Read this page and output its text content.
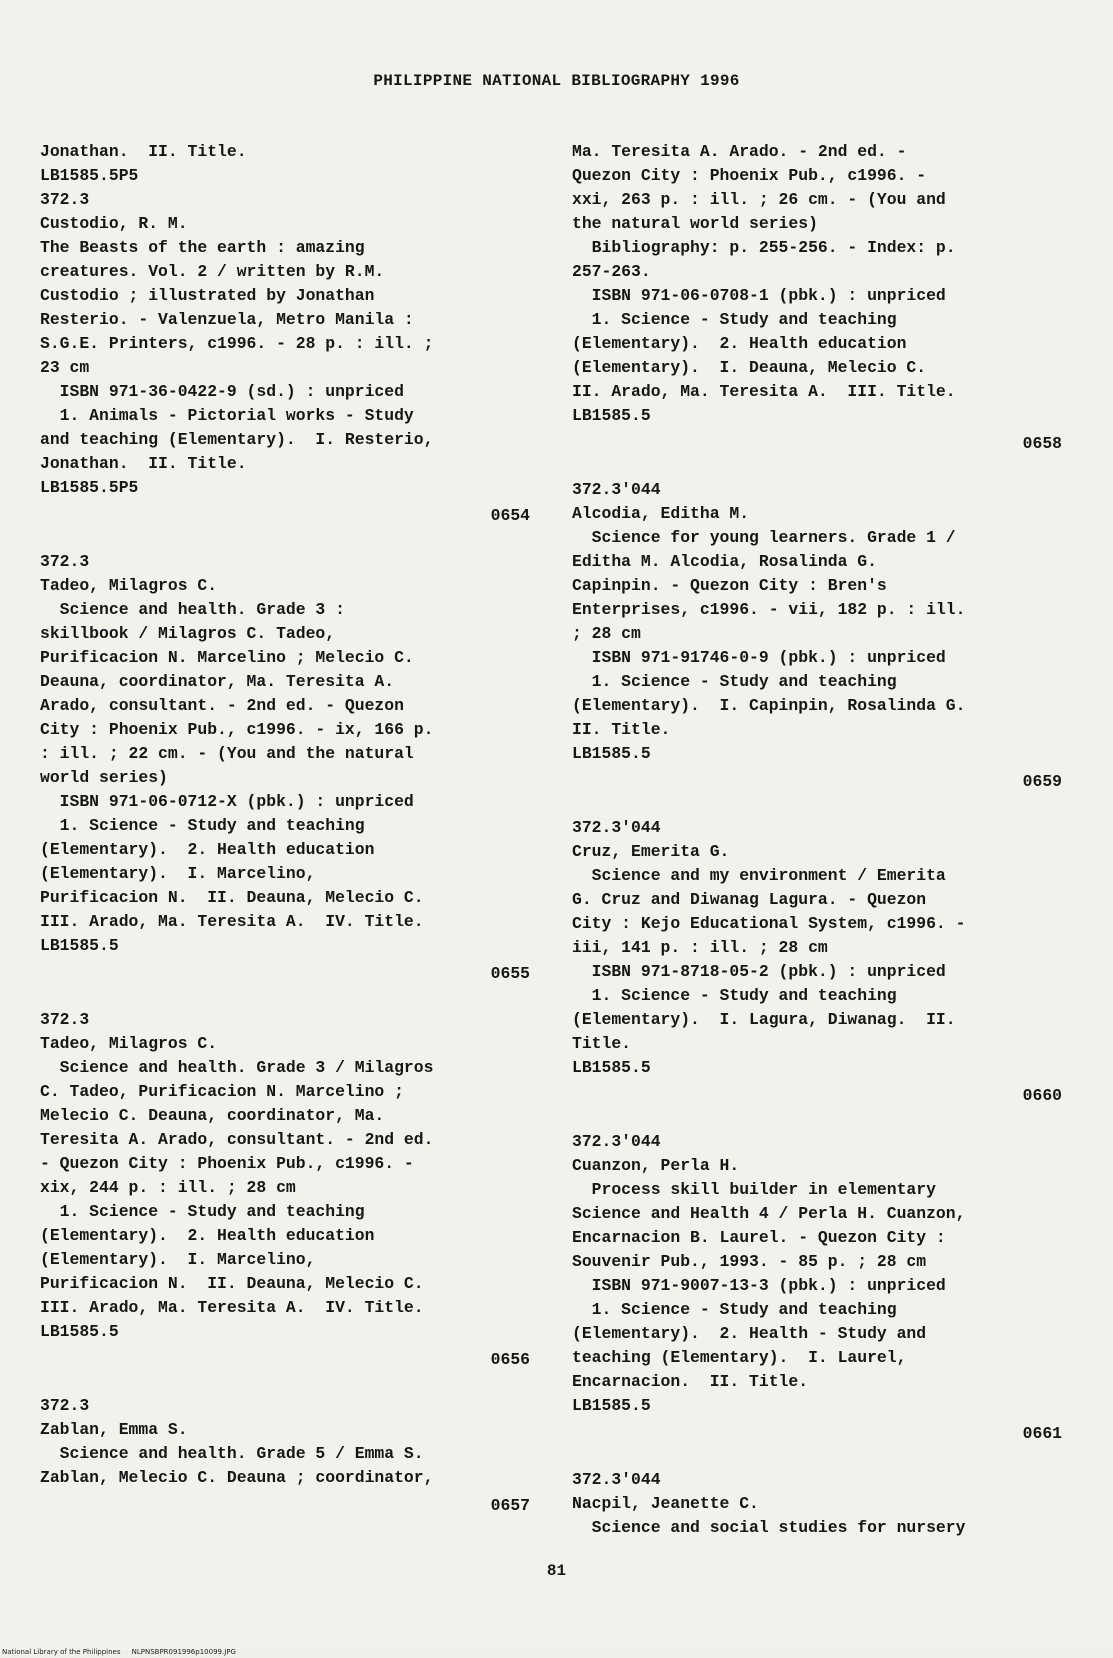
PHILIPPINE NATIONAL BIBLIOGRAPHY 1996
Jonathan.  II. Title.
LB1585.5P5
372.3
Custodio, R. M.
The Beasts of the earth : amazing
creatures. Vol. 2 / written by R.M.
Custodio ; illustrated by Jonathan
Resterio. - Valenzuela, Metro Manila :
S.G.E. Printers, c1996. - 28 p. : ill. ;
23 cm
ISBN 971-36-0422-9 (sd.) : unpriced
1. Animals - Pictorial works - Study
and teaching (Elementary).  I. Resterio,
Jonathan.  II. Title.
LB1585.5P5
0654
372.3
Tadeo, Milagros C.
Science and health. Grade 3 :
skillbook / Milagros C. Tadeo,
Purificacion N. Marcelino ; Melecio C.
Deauna, coordinator, Ma. Teresita A.
Arado, consultant. - 2nd ed. - Quezon
City : Phoenix Pub., c1996. - ix, 166 p.
: ill. ; 22 cm. - (You and the natural
world series)
ISBN 971-06-0712-X (pbk.) : unpriced
1. Science - Study and teaching
(Elementary).  2. Health education
(Elementary).  I. Marcelino,
Purificacion N.  II. Deauna, Melecio C.
III. Arado, Ma. Teresita A.  IV. Title.
LB1585.5
0655
372.3
Tadeo, Milagros C.
Science and health. Grade 3 / Milagros
C. Tadeo, Purificacion N. Marcelino ;
Melecio C. Deauna, coordinator, Ma.
Teresita A. Arado, consultant. - 2nd ed.
- Quezon City : Phoenix Pub., c1996. -
xix, 244 p. : ill. ; 28 cm
1. Science - Study and teaching
(Elementary).  2. Health education
(Elementary).  I. Marcelino,
Purificacion N.  II. Deauna, Melecio C.
III. Arado, Ma. Teresita A.  IV. Title.
LB1585.5
0656
372.3
Zablan, Emma S.
Science and health. Grade 5 / Emma S.
Zablan, Melecio C. Deauna ; coordinator,
0657
Ma. Teresita A. Arado. - 2nd ed. -
Quezon City : Phoenix Pub., c1996. -
xxi, 263 p. : ill. ; 26 cm. - (You and
the natural world series)
Bibliography: p. 255-256. - Index: p.
257-263.
ISBN 971-06-0708-1 (pbk.) : unpriced
1. Science - Study and teaching
(Elementary).  2. Health education
(Elementary).  I. Deauna, Melecio C.
II. Arado, Ma. Teresita A.  III. Title.
LB1585.5
0658
372.3'044
Alcodia, Editha M.
Science for young learners. Grade 1 /
Editha M. Alcodia, Rosalinda G.
Capinpin. - Quezon City : Bren's
Enterprises, c1996. - vii, 182 p. : ill.
; 28 cm
ISBN 971-91746-0-9 (pbk.) : unpriced
1. Science - Study and teaching
(Elementary).  I. Capinpin, Rosalinda G.
II. Title.
LB1585.5
0659
372.3'044
Cruz, Emerita G.
Science and my environment / Emerita
G. Cruz and Diwanag Lagura. - Quezon
City : Kejo Educational System, c1996. -
iii, 141 p. : ill. ; 28 cm
ISBN 971-8718-05-2 (pbk.) : unpriced
1. Science - Study and teaching
(Elementary).  I. Lagura, Diwanag.  II.
Title.
LB1585.5
0660
372.3'044
Cuanzon, Perla H.
Process skill builder in elementary
Science and Health 4 / Perla H. Cuanzon,
Encarnacion B. Laurel. - Quezon City :
Souvenir Pub., 1993. - 85 p. ; 28 cm
ISBN 971-9007-13-3 (pbk.) : unpriced
1. Science - Study and teaching
(Elementary).  2. Health - Study and
teaching (Elementary).  I. Laurel,
Encarnacion.  II. Title.
LB1585.5
0661
372.3'044
Nacpil, Jeanette C.
Science and social studies for nursery
81
National Library of the Philippines     NLPNSBPR091996p10099.JPG
